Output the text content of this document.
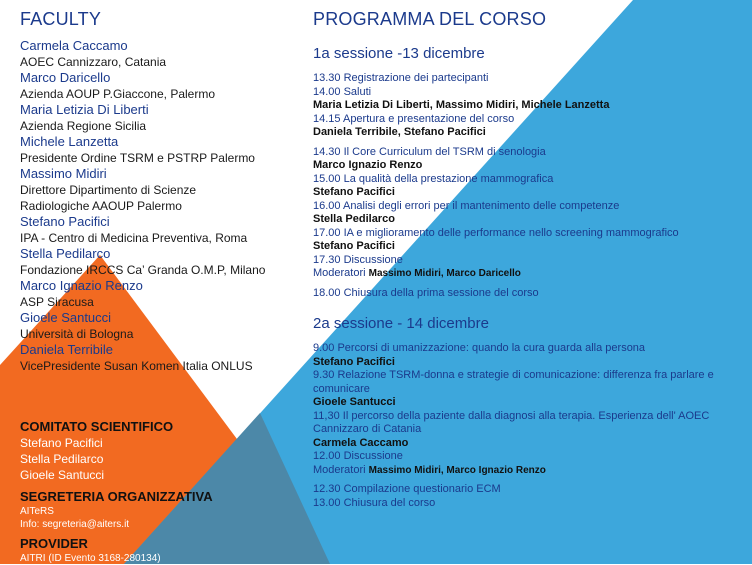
FACULTY
Carmela Caccamo
AOEC Cannizzaro, Catania
Marco Daricello
Azienda AOUP P.Giaccone, Palermo
Maria Letizia Di Liberti
Azienda Regione Sicilia
Michele Lanzetta
Presidente Ordine TSRM e PSTRP Palermo
Massimo Midiri
Direttore Dipartimento di Scienze
Radiologiche AAOUP Palermo
Stefano Pacifici
IPA - Centro di Medicina Preventiva, Roma
Stella Pedilarco
Fondazione IRCCS Ca’ Granda O.M.P, Milano
Marco Ignazio Renzo
ASP Siracusa
Gioele Santucci
Università di Bologna
Daniela Terribile
VicePresidente Susan Komen Italia ONLUS
COMITATO SCIENTIFICO
Stefano Pacifici
Stella Pedilarco
Gioele Santucci
SEGRETERIA ORGANIZZATIVA
AITeRS
Info: segreteria@aiters.it
PROVIDER
AITRI (ID Evento 3168-280134)
PROGRAMMA DEL CORSO
1a sessione -13 dicembre
13.30 Registrazione dei partecipanti
14.00 Saluti
Maria Letizia Di Liberti, Massimo Midiri, Michele Lanzetta
14.15 Apertura e presentazione del corso
Daniela Terribile, Stefano Pacifici
14.30 Il Core Curriculum del TSRM di senologia
Marco Ignazio Renzo
15.00 La qualità della prestazione mammografica
Stefano Pacifici
16.00 Analisi degli errori per il mantenimento delle competenze
Stella Pedilarco
17.00 IA e miglioramento delle performance nello screening mammografico
Stefano Pacifici
17.30 Discussione
Moderatori Massimo Midiri, Marco Daricello
18.00 Chiusura della prima sessione del corso
2a sessione - 14 dicembre
9.00 Percorsi di umanizzazione: quando la cura guarda alla persona
Stefano Pacifici
9.30 Relazione TSRM-donna e strategie di comunicazione: differenza fra parlare e comunicare
Gioele Santucci
11,30 Il percorso della paziente dalla diagnosi alla terapia. Esperienza dell' AOEC Cannizzaro di Catania
Carmela Caccamo
12.00 Discussione
Moderatori Massimo Midiri, Marco Ignazio Renzo
12.30 Compilazione questionario ECM
13.00 Chiusura del corso
